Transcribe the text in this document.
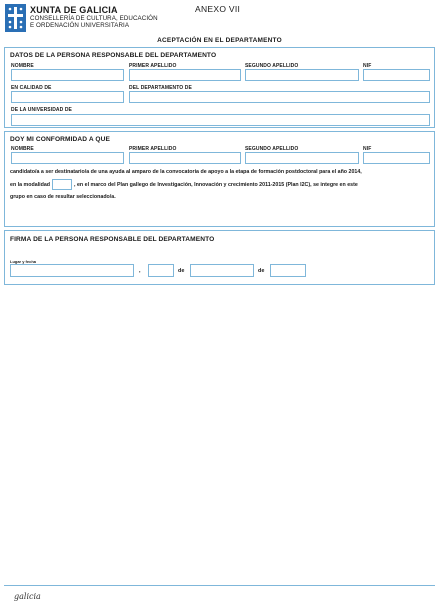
XUNTA DE GALICIA
CONSELLERÍA DE CULTURA, EDUCACIÓN
E ORDENACIÓN UNIVERSITARIA
ANEXO VII
ACEPTACIÓN EN EL DEPARTAMENTO
DATOS DE LA PERSONA RESPONSABLE DEL DEPARTAMENTO
NOMBRE	PRIMER APELLIDO	SEGUNDO APELLIDO	NIF
EN CALIDAD DE	DEL DEPARTAMENTO DE
DE LA UNIVERSIDAD DE
DOY MI CONFORMIDAD A QUE
NOMBRE	PRIMER APELLIDO	SEGUNDO APELLIDO	NIF
candidato/a a ser destinatario/a de una ayuda al amparo de la convocatoria de apoyo a la etapa de formación postdoctoral para el año 2014,
en la modalidad	, en el marco del Plan gallego de Investigación, Innovación y crecimiento 2011-2015 (Plan I2C), se integre en este
grupo en caso de resultar seleccionado/a.
FIRMA DE LA PERSONA RESPONSABLE DEL DEPARTAMENTO
Lugar y fecha
,	de	de
galicia
